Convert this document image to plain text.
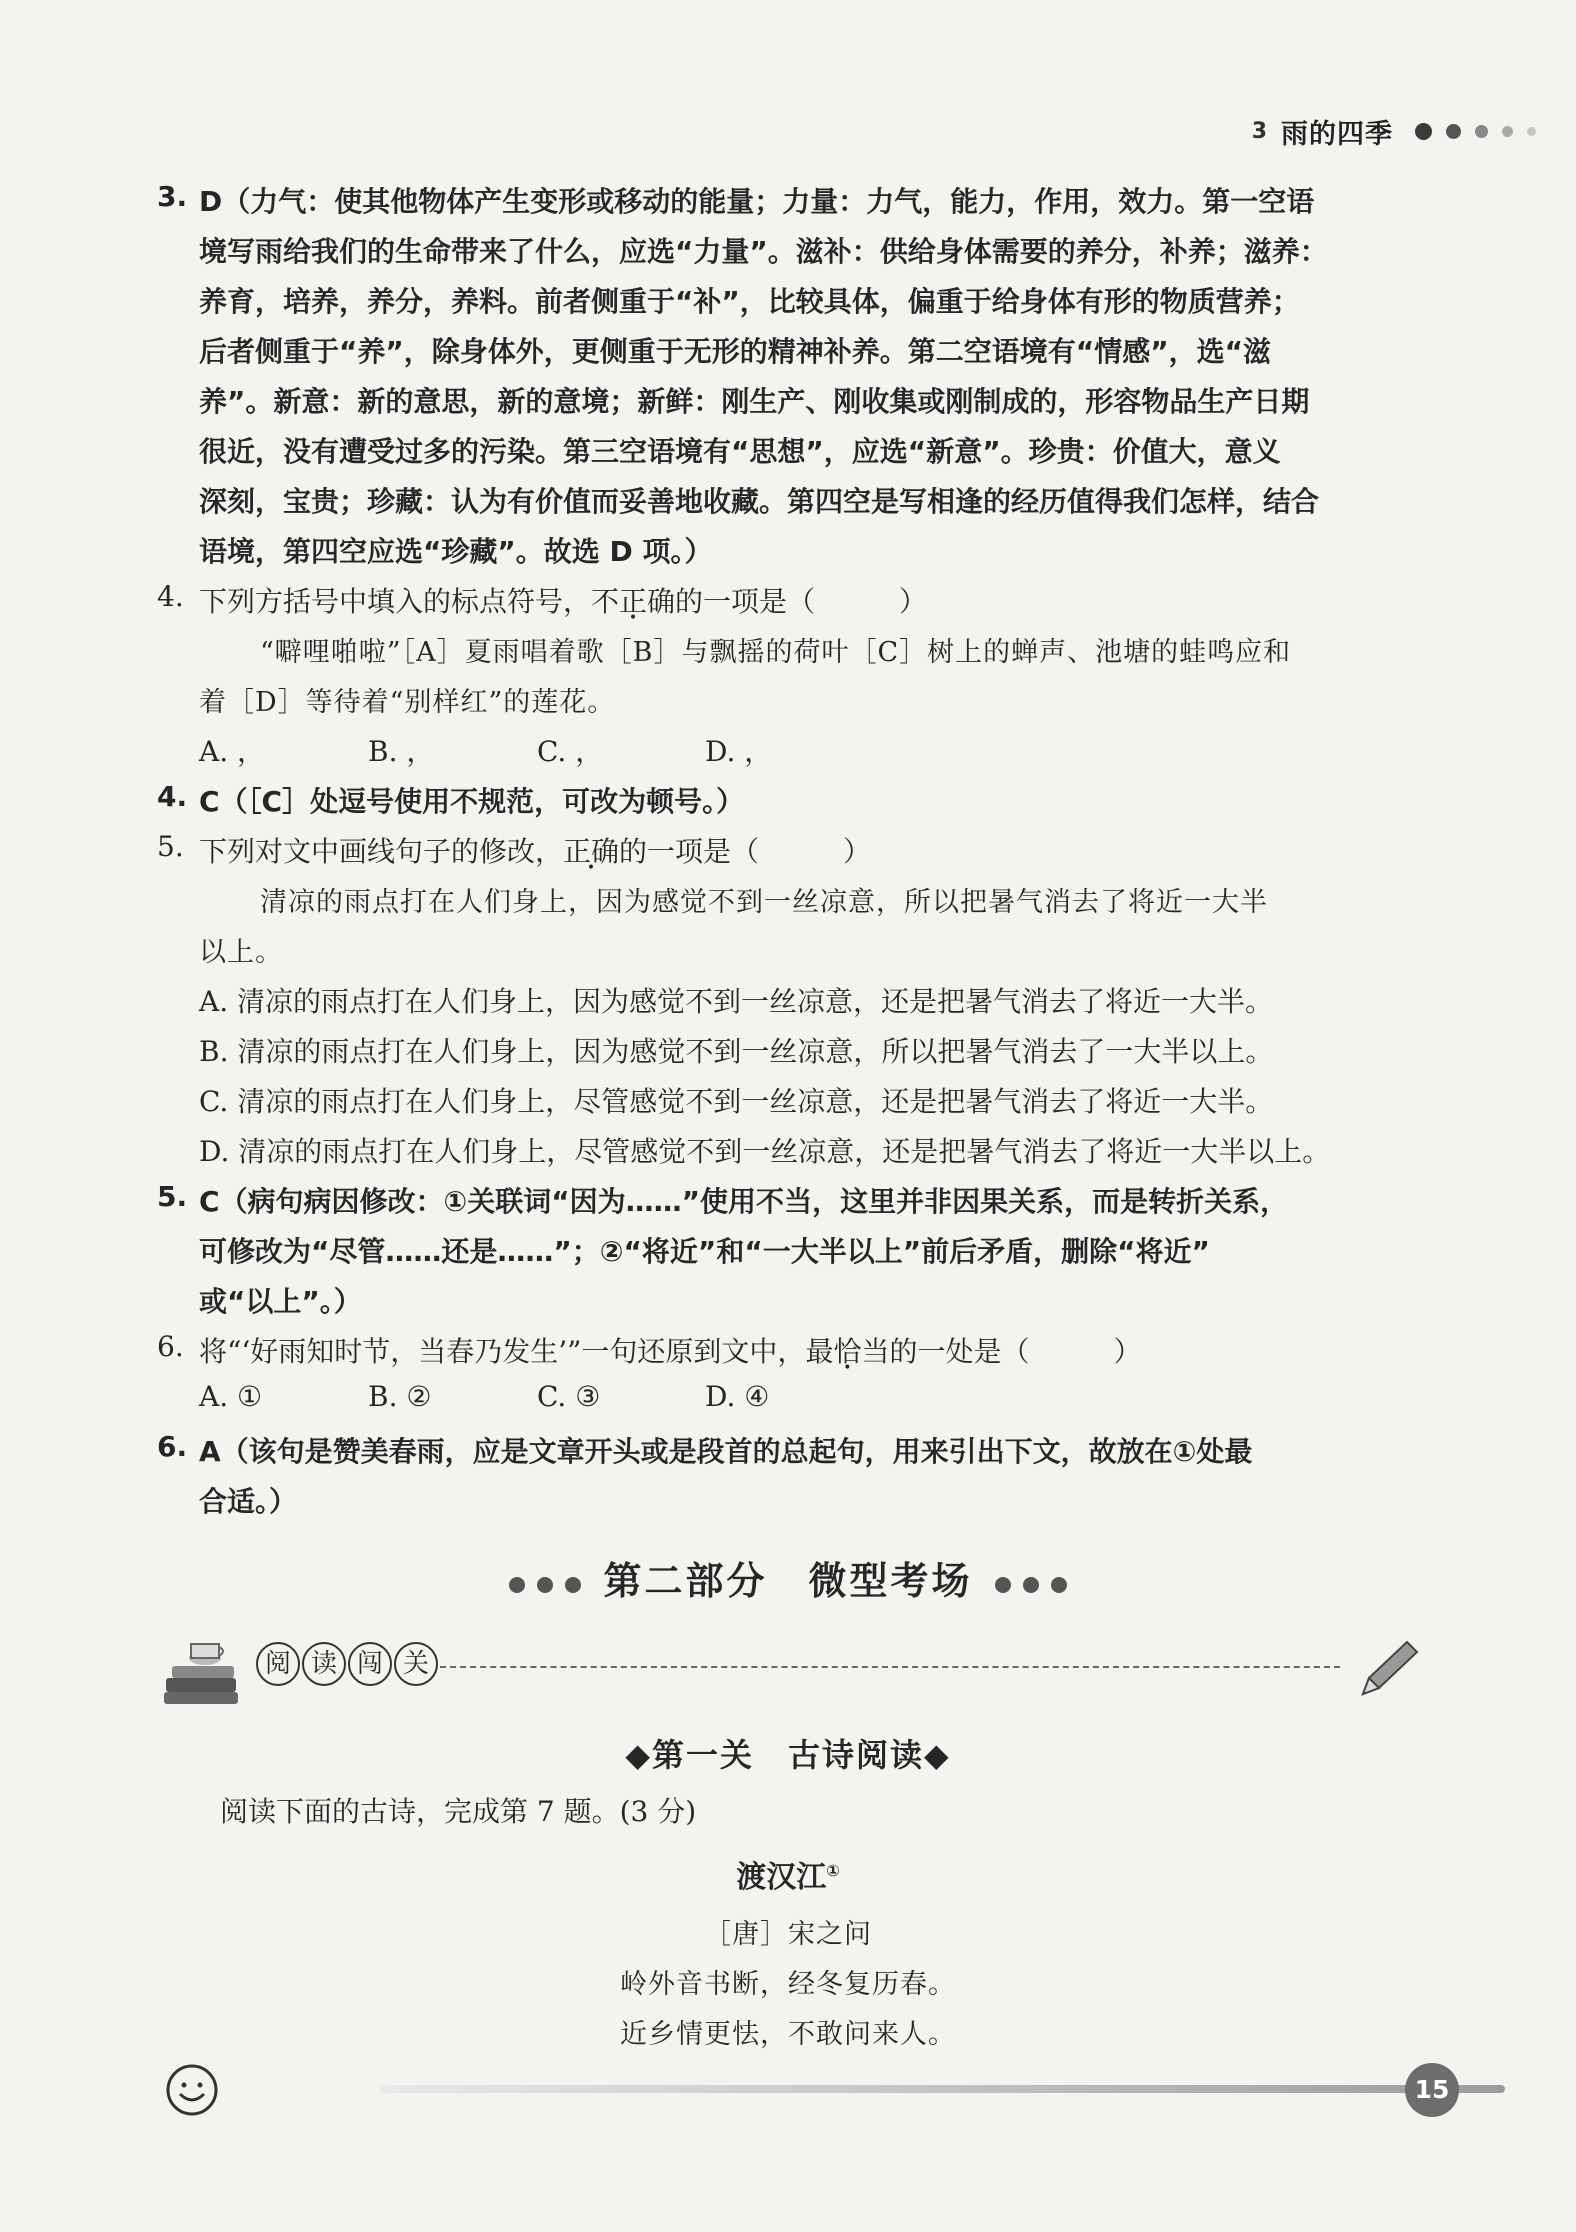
3 雨的四季
3. D（力气：使其他物体产生变形或移动的能量；力量：力气，能力，作用，效力。第一空语
境写雨给我们的生命带来了什么，应选“力量”。滋补：供给身体需要的养分，补养；滋养：
养育，培养，养分，养料。前者侧重于“补”，比较具体，偏重于给身体有形的物质营养；
后者侧重于“养”，除身体外，更侧重于无形的精神补养。第二空语境有“情感”，选“滋
养”。新意：新的意思，新的意境；新鲜：刚生产、刚收集或刚制成的，形容物品生产日期
很近，没有遭受过多的污染。第三空语境有“思想”，应选“新意”。珍贵：价值大，意义
深刻，宝贵；珍藏：认为有价值而妥善地收藏。第四空是写相逢的经历值得我们怎样，结合
语境，第四空应选“珍藏”。故选 D 项。）
4. 下列方括号中填入的标点符号，不正确的一项是（　　　）
“噼哩啪啦”［A］夏雨唱着歌［B］与飘摇的荷叶［C］树上的蝉声、池塘的蛙鸣应和
着［D］等待着“别样红”的莲花。
A. ，	B. ，	C. ，	D. ，
4. C（［C］处逗号使用不规范，可改为顿号。）
5. 下列对文中画线句子的修改，正确的一项是（　　　）
清凉的雨点打在人们身上，因为感觉不到一丝凉意，所以把暑气消去了将近一大半
以上。
A. 清凉的雨点打在人们身上，因为感觉不到一丝凉意，还是把暑气消去了将近一大半。
B. 清凉的雨点打在人们身上，因为感觉不到一丝凉意，所以把暑气消去了一大半以上。
C. 清凉的雨点打在人们身上，尽管感觉不到一丝凉意，还是把暑气消去了将近一大半。
D. 清凉的雨点打在人们身上，尽管感觉不到一丝凉意，还是把暑气消去了将近一大半以上。
5. C（病句病因修改：①关联词“因为……”使用不当，这里并非因果关系，而是转折关系，
可修改为“尽管……还是……”；②“将近”和“一大半以上”前后矛盾，删除“将近”
或“以上”。）
6. 将“‘好雨知时节，当春乃发生’”一句还原到文中，最恰当的一处是（　　　）
A. ①	B. ②	C. ③	D. ④
6. A（该句是赞美春雨，应是文章开头或是段首的总起句，用来引出下文，故放在①处最
合适。）
第二部分　微型考场
阅 读 闯 关
◆第一关　古诗阅读◆
阅读下面的古诗，完成第 7 题。(3 分)
渡汉江①
［唐］宋之问
岭外音书断，经冬复历春。
近乡情更怯，不敢问来人。
15
